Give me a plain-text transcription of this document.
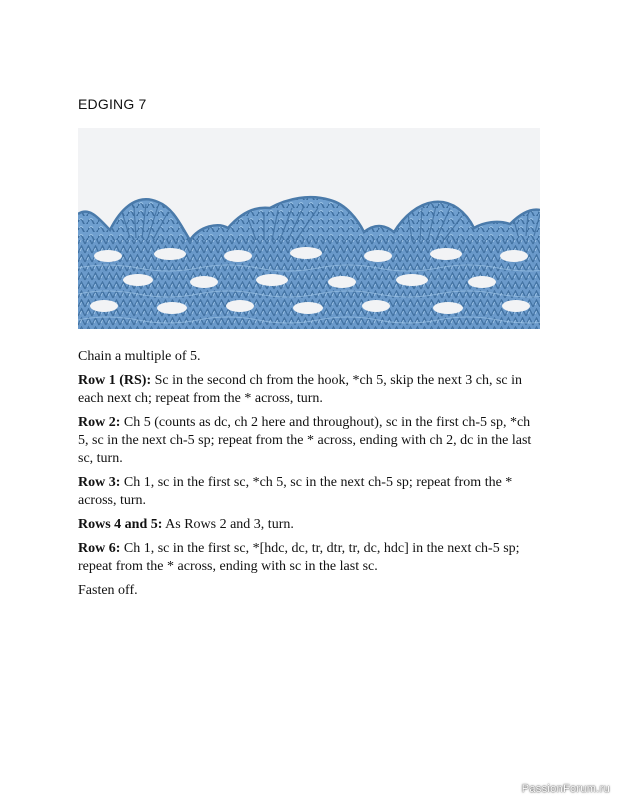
EDGING 7

Chain a multiple of 5.

Row 1 (RS): Sc in the second ch from the hook, *ch 5, skip the next 3 ch, sc in each next ch; repeat from the * across, turn.

Row 2: Ch 5 (counts as dc, ch 2 here and throughout), sc in the first ch-5 sp, *ch 5, sc in the next ch-5 sp; repeat from the * across, ending with ch 2, dc in the last sc, turn.

Row 3: Ch 1, sc in the first sc, *ch 5, sc in the next ch-5 sp; repeat from the * across, turn.

Rows 4 and 5: As Rows 2 and 3, turn.

Row 6: Ch 1, sc in the first sc, *[hdc, dc, tr, dtr, tr, dc, hdc] in the next ch-5 sp; repeat from the * across, ending with sc in the last sc.

Fasten off.

PassionForum.ru
